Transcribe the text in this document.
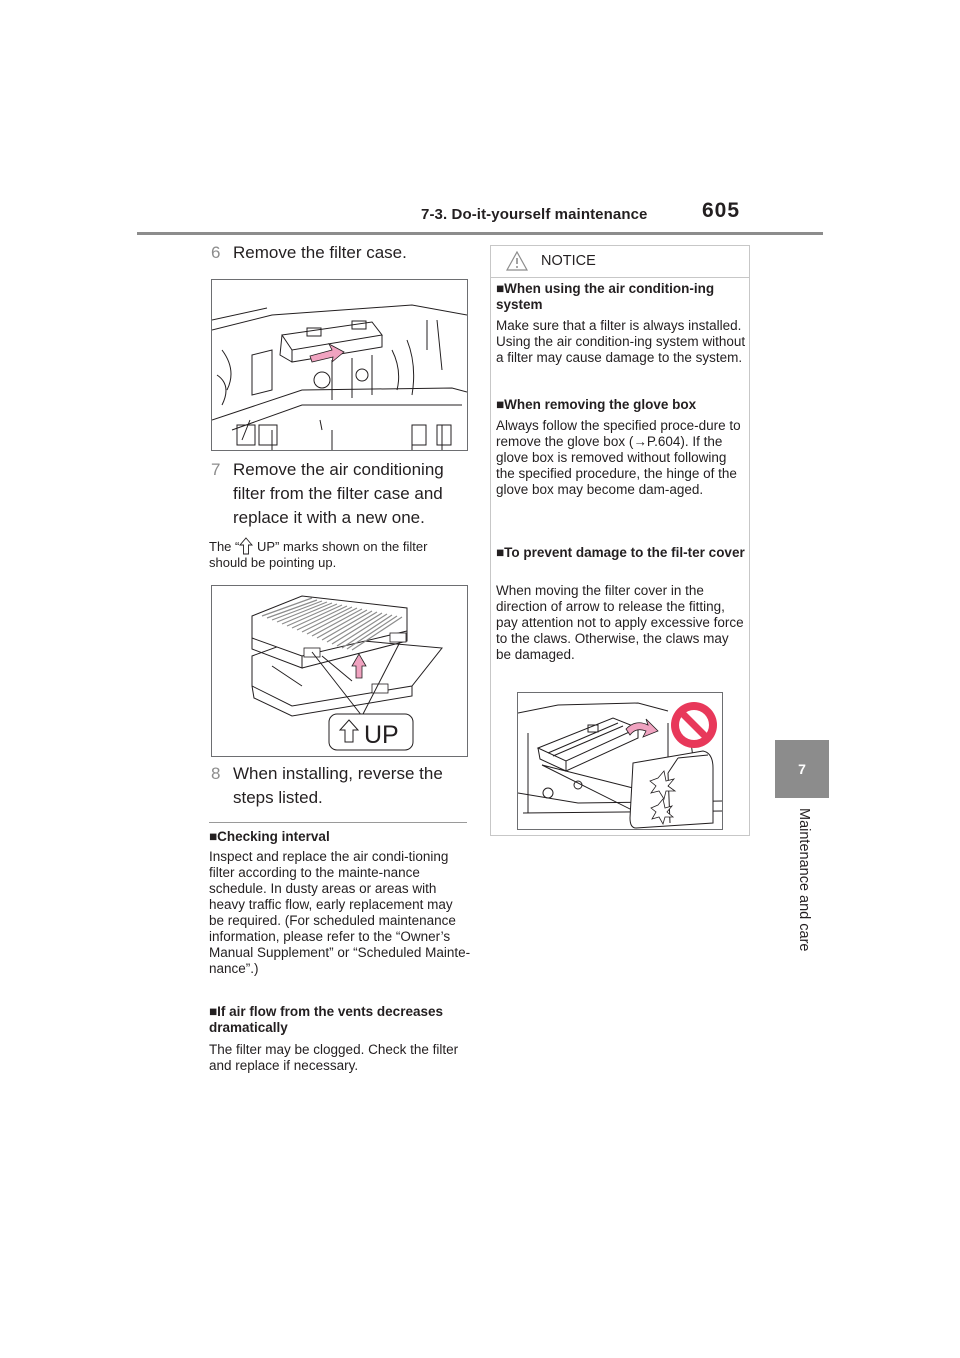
7-3. Do-it-yourself maintenance	605
7
Maintenance and care
6 Remove the filter case.
7 Remove the air conditioning filter from the filter case and replace it with a new one.
The “ UP” marks shown on the filter should be pointing up.
UP
8 When installing, reverse the steps listed.
■Checking interval
Inspect and replace the air condi-tioning filter according to the mainte-nance schedule. In dusty areas or areas with heavy traffic flow, early replacement may be required. (For scheduled maintenance information, please refer to the “Owner’s Manual Supplement” or “Scheduled Mainte-nance”.)
■If air flow from the vents decreases dramatically
The filter may be clogged. Check the filter and replace if necessary.
NOTICE
■When using the air condition-ing system
Make sure that a filter is always installed. Using the air condition-ing system without a filter may cause damage to the system.
■When removing the glove box
Always follow the specified proce-dure to remove the glove box (→P.604). If the glove box is removed without following the specified procedure, the hinge of the glove box may become dam-aged.
■To prevent damage to the fil-ter cover
When moving the filter cover in the direction of arrow to release the fitting, pay attention not to apply excessive force to the claws. Otherwise, the claws may be damaged.
